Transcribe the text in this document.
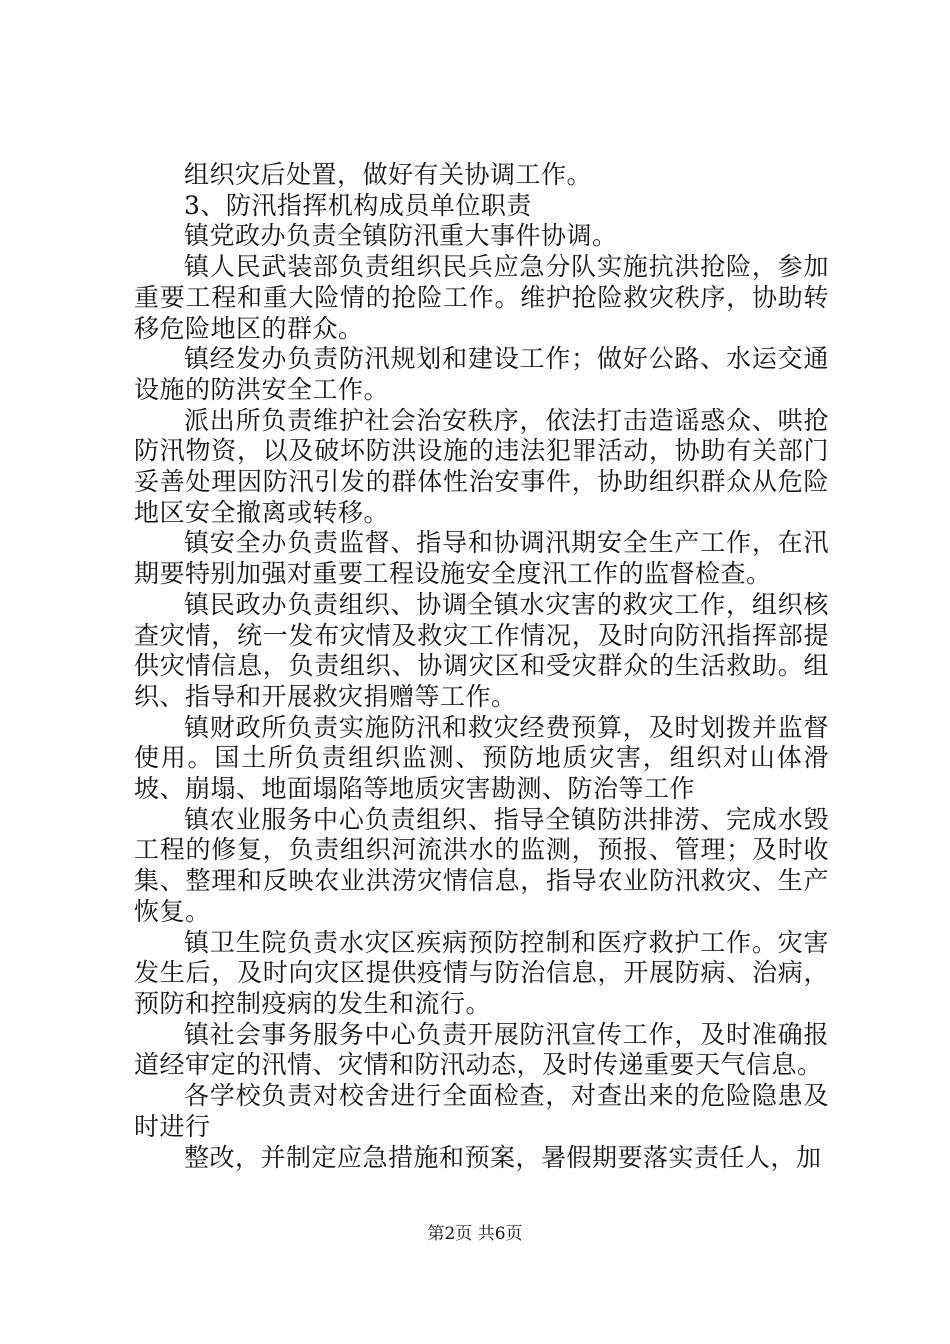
组织灾后处置，做好有关协调工作。

3、防汛指挥机构成员单位职责

镇党政办负责全镇防汛重大事件协调。

镇人民武装部负责组织民兵应急分队实施抗洪抢险，参加重要工程和重大险情的抢险工作。维护抢险救灾秩序，协助转移危险地区的群众。

镇经发办负责防汛规划和建设工作；做好公路、水运交通设施的防洪安全工作。

派出所负责维护社会治安秩序，依法打击造谣惑众、哄抢防汛物资，以及破坏防洪设施的违法犯罪活动，协助有关部门妥善处理因防汛引发的群体性治安事件，协助组织群众从危险地区安全撤离或转移。

镇安全办负责监督、指导和协调汛期安全生产工作，在汛期要特别加强对重要工程设施安全度汛工作的监督检查。

镇民政办负责组织、协调全镇水灾害的救灾工作，组织核查灾情，统一发布灾情及救灾工作情况，及时向防汛指挥部提供灾情信息，负责组织、协调灾区和受灾群众的生活救助。组织、指导和开展救灾捐赠等工作。

镇财政所负责实施防汛和救灾经费预算，及时划拨并监督使用。国土所负责组织监测、预防地质灾害，组织对山体滑坡、崩塌、地面塌陷等地质灾害勘测、防治等工作

镇农业服务中心负责组织、指导全镇防洪排涝、完成水毁工程的修复，负责组织河流洪水的监测，预报、管理；及时收集、整理和反映农业洪涝灾情信息，指导农业防汛救灾、生产恢复。

镇卫生院负责水灾区疾病预防控制和医疗救护工作。灾害发生后，及时向灾区提供疫情与防治信息，开展防病、治病，预防和控制疫病的发生和流行。

镇社会事务服务中心负责开展防汛宣传工作，及时准确报道经审定的汛情、灾情和防汛动态，及时传递重要天气信息。

各学校负责对校舍进行全面检查，对查出来的危险隐患及时进行

整改，并制定应急措施和预案，暑假期要落实责任人，加

第2页 共6页
